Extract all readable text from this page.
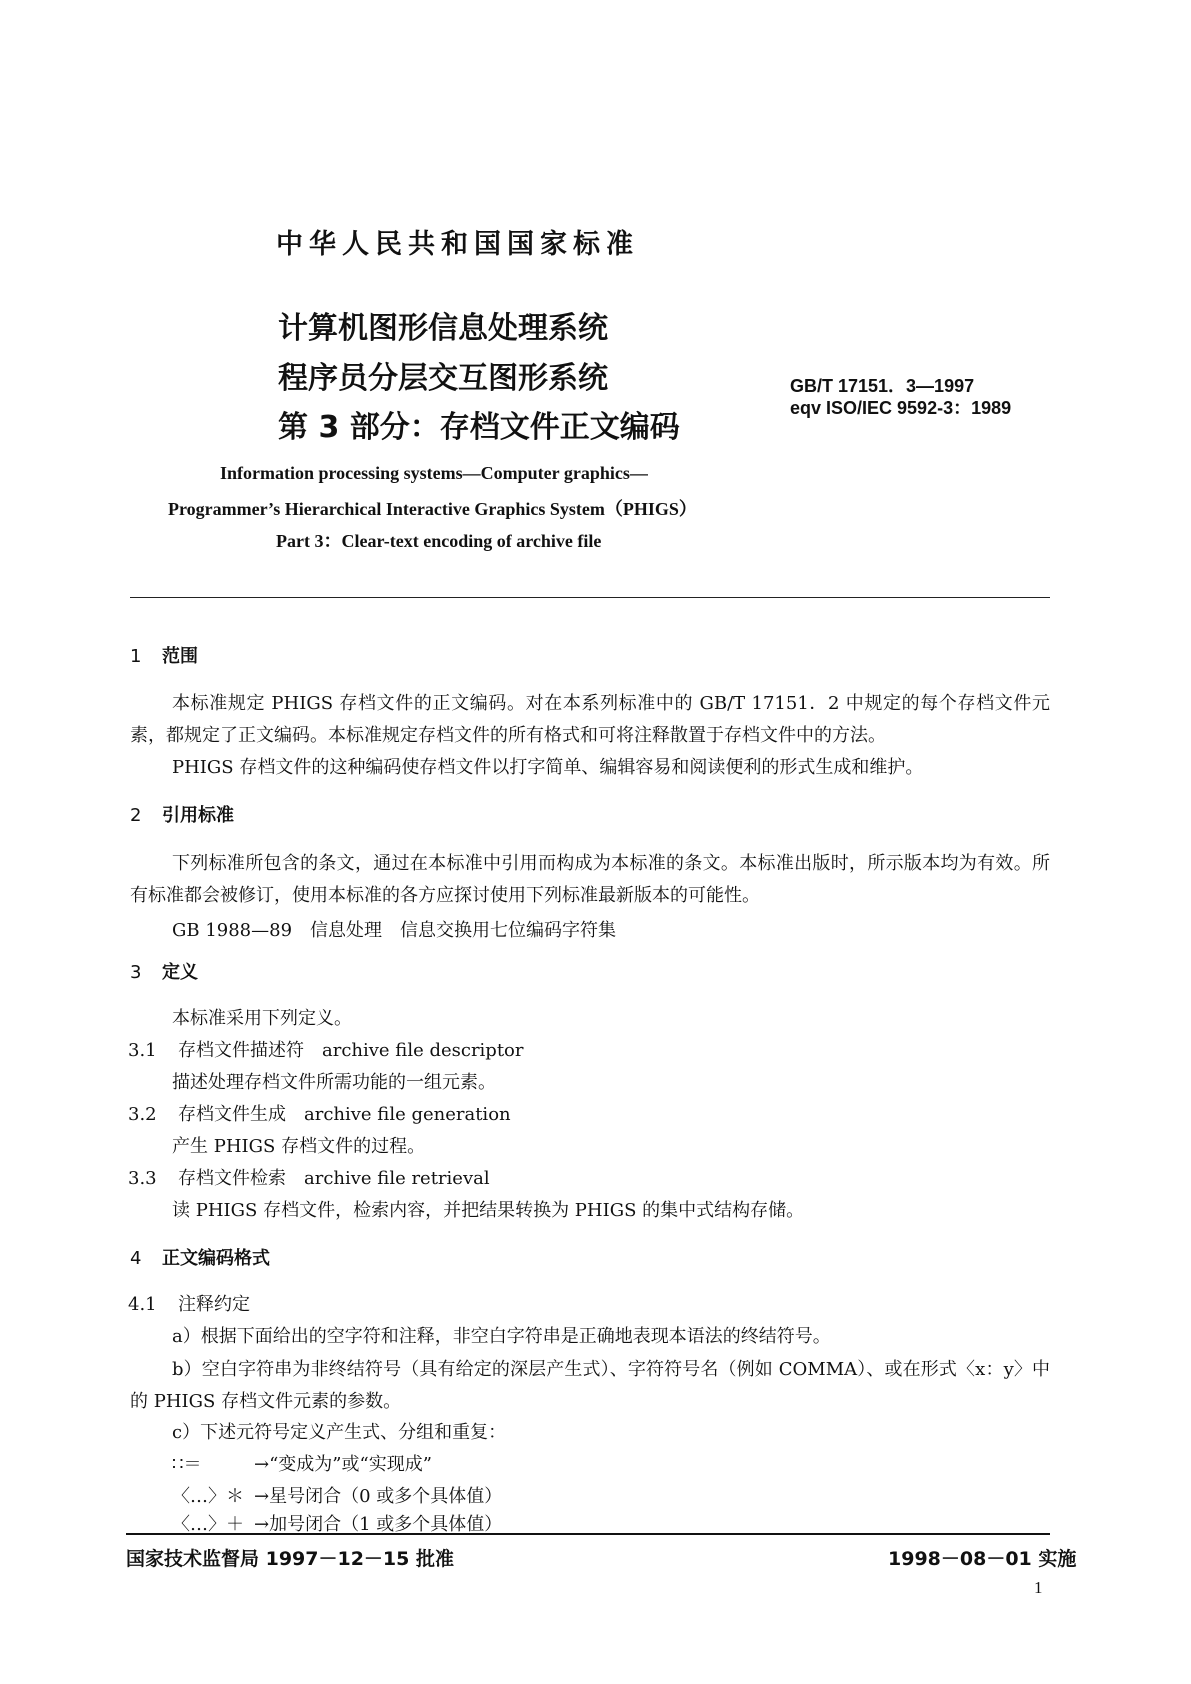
中华人民共和国国家标准
计算机图形信息处理系统
程序员分层交互图形系统
第 3 部分：存档文件正文编码
GB/T 17151．3—1997
eqv ISO/IEC 9592-3：1989
Information processing systems—Computer graphics—
Programmer’s Hierarchical Interactive Graphics System（PHIGS）
Part 3：Clear-text encoding of archive file
1 范围
本标准规定 PHIGS 存档文件的正文编码。对在本系列标准中的 GB/T 17151．2 中规定的每个存档文件元素，都规定了正文编码。本标准规定存档文件的所有格式和可将注释散置于存档文件中的方法。
PHIGS 存档文件的这种编码使存档文件以打字简单、编辑容易和阅读便利的形式生成和维护。
2 引用标准
下列标准所包含的条文，通过在本标准中引用而构成为本标准的条文。本标准出版时，所示版本均为有效。所有标准都会被修订，使用本标准的各方应探讨使用下列标准最新版本的可能性。
GB 1988—89　信息处理　信息交换用七位编码字符集
3 定义
本标准采用下列定义。
3.1 存档文件描述符　archive file descriptor
描述处理存档文件所需功能的一组元素。
3.2 存档文件生成　archive file generation
产生 PHIGS 存档文件的过程。
3.3 存档文件检索　archive file retrieval
读 PHIGS 存档文件，检索内容，并把结果转换为 PHIGS 的集中式结构存储。
4 正文编码格式
4.1 注释约定
a）根据下面给出的空字符和注释，非空白字符串是正确地表现本语法的终结符号。
b）空白字符串为非终结符号（具有给定的深层产生式）、字符符号名（例如 COMMA）、或在形式〈x：y〉中的 PHIGS 存档文件元素的参数。
c）下述元符号定义产生式、分组和重复：
∷＝	→“变成为”或“实现成”
〈…〉＊ →星号闭合（0 或多个具体值）
〈…〉＋ →加号闭合（1 或多个具体值）
国家技术监督局 1997－12－15 批准	1998－08－01 实施
1
